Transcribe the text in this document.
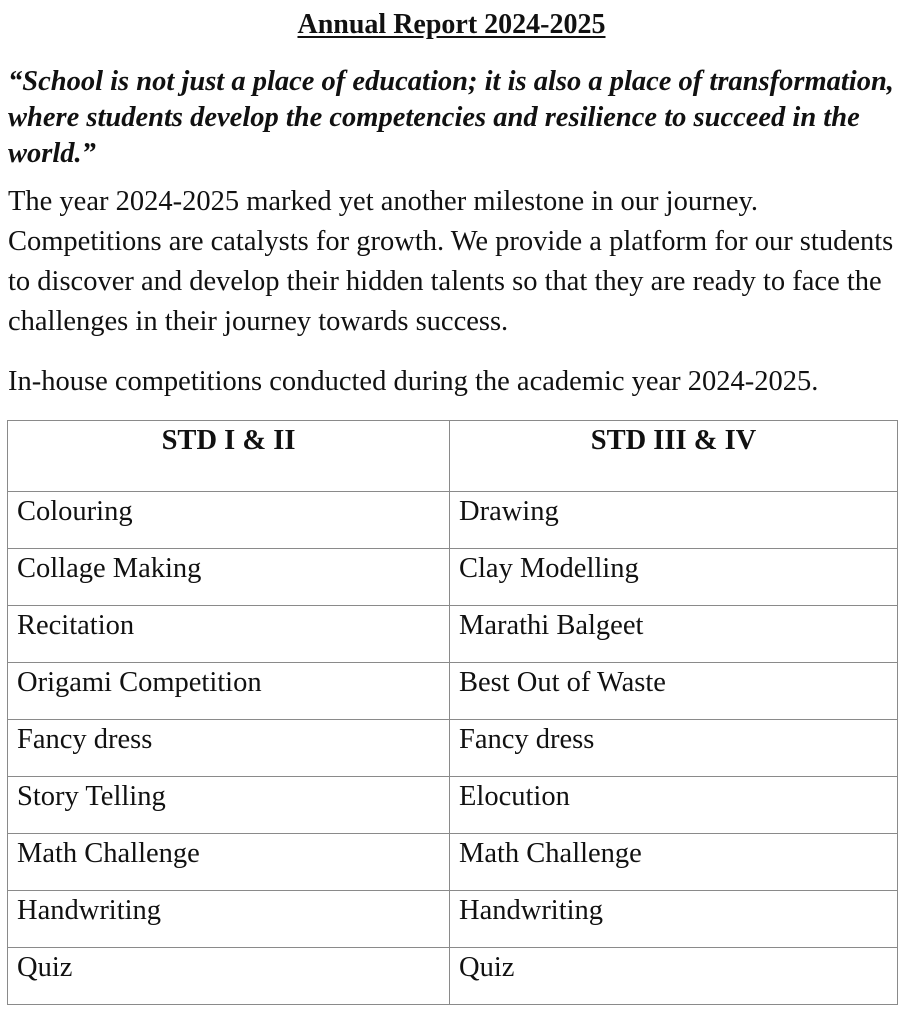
Annual Report 2024-2025

“School is not just a place of education; it is also a place of transformation, where students develop the competencies and resilience to succeed in the world.”

The year 2024-2025 marked yet another milestone in our journey. Competitions are catalysts for growth. We provide a platform for our students to discover and develop their hidden talents so that they are ready to face the challenges in their journey towards success.

In-house competitions conducted during the academic year 2024-2025.

STD I & II	STD III & IV
Colouring	Drawing
Collage Making	Clay Modelling
Recitation	Marathi Balgeet
Origami Competition	Best Out of Waste
Fancy dress	Fancy dress
Story Telling	Elocution
Math Challenge	Math Challenge
Handwriting	Handwriting
Quiz	Quiz
